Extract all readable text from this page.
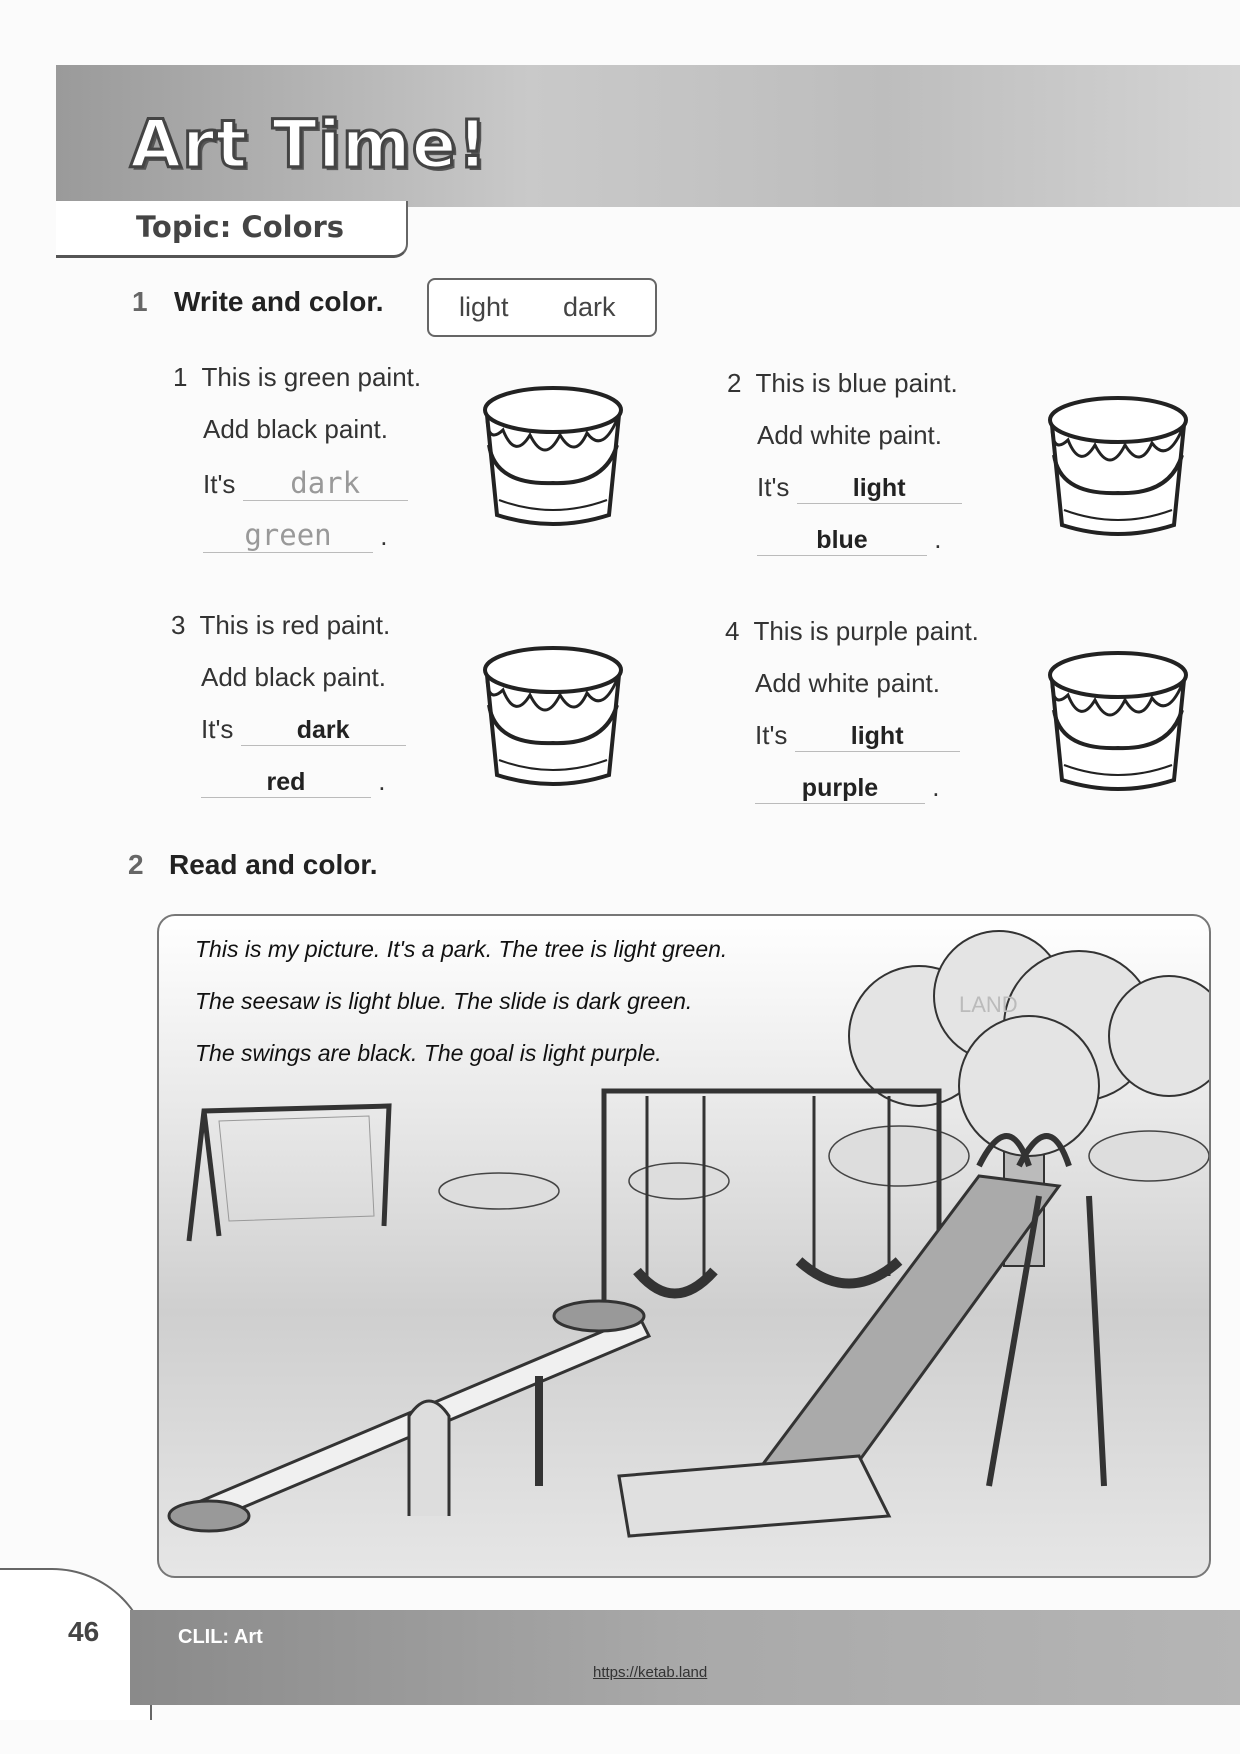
Art Time!
Topic: Colors
1 Write and color.	light dark
1 This is green paint.
Add black paint.
It's dark
green .
2 This is blue paint.
Add white paint.
It's	light
blue	.
3 This is red paint.
Add black paint.
It's	dark
red	.
4 This is purple paint.
Add white paint.
It's	light
purple .
2 Read and color.
LAND
This is my picture. It's a park. The tree is light green.
The seesaw is light blue. The slide is dark green.
The swings are black. The goal is light purple.
46	CLIL: Art
https://ketab.land
